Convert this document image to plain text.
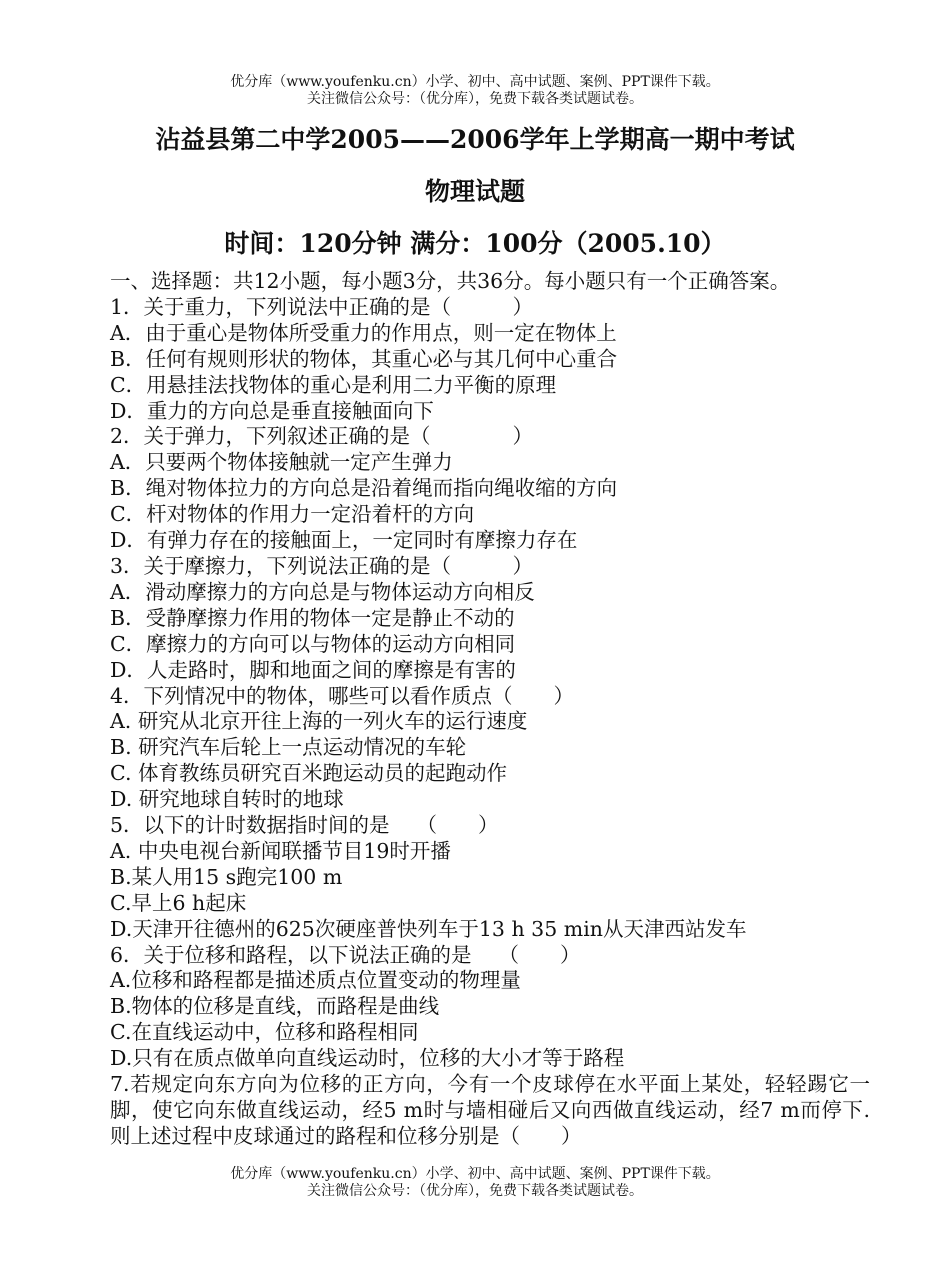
优分库（www.youfenku.cn）小学、初中、高中试题、案例、PPT课件下载。
关注微信公众号：（优分库），免费下载各类试题试卷。
沾益县第二中学2005——2006学年上学期高一期中考试
物理试题
时间：120分钟 满分：100分（2005.10）
一、选择题：共12小题，每小题3分，共36分。每小题只有一个正确答案。
1．关于重力，下列说法中正确的是（　　　）
A．由于重心是物体所受重力的作用点，则一定在物体上
B．任何有规则形状的物体，其重心必与其几何中心重合
C．用悬挂法找物体的重心是利用二力平衡的原理
D．重力的方向总是垂直接触面向下
2．关于弹力，下列叙述正确的是（　　　　）
A．只要两个物体接触就一定产生弹力
B．绳对物体拉力的方向总是沿着绳而指向绳收缩的方向
C．杆对物体的作用力一定沿着杆的方向
D．有弹力存在的接触面上，一定同时有摩擦力存在
3．关于摩擦力，下列说法正确的是（　　　）
A．滑动摩擦力的方向总是与物体运动方向相反
B．受静摩擦力作用的物体一定是静止不动的
C．摩擦力的方向可以与物体的运动方向相同
D．人走路时，脚和地面之间的摩擦是有害的
4．下列情况中的物体，哪些可以看作质点（　　）
A. 研究从北京开往上海的一列火车的运行速度
B. 研究汽车后轮上一点运动情况的车轮
C. 体育教练员研究百米跑运动员的起跑动作
D. 研究地球自转时的地球
5．以下的计时数据指时间的是　 （　　）
A. 中央电视台新闻联播节目19时开播
B.某人用15 s跑完100 m
C.早上6 h起床
D.天津开往德州的625次硬座普快列车于13 h 35 min从天津西站发车
6．关于位移和路程，以下说法正确的是　 （　　）
A.位移和路程都是描述质点位置变动的物理量
B.物体的位移是直线，而路程是曲线
C.在直线运动中，位移和路程相同
D.只有在质点做单向直线运动时，位移的大小才等于路程
7.若规定向东方向为位移的正方向，今有一个皮球停在水平面上某处，轻轻踢它一脚，使它向东做直线运动，经5 m时与墙相碰后又向西做直线运动，经7 m而停下.则上述过程中皮球通过的路程和位移分别是（　　）
优分库（www.youfenku.cn）小学、初中、高中试题、案例、PPT课件下载。
关注微信公众号：（优分库），免费下载各类试题试卷。
